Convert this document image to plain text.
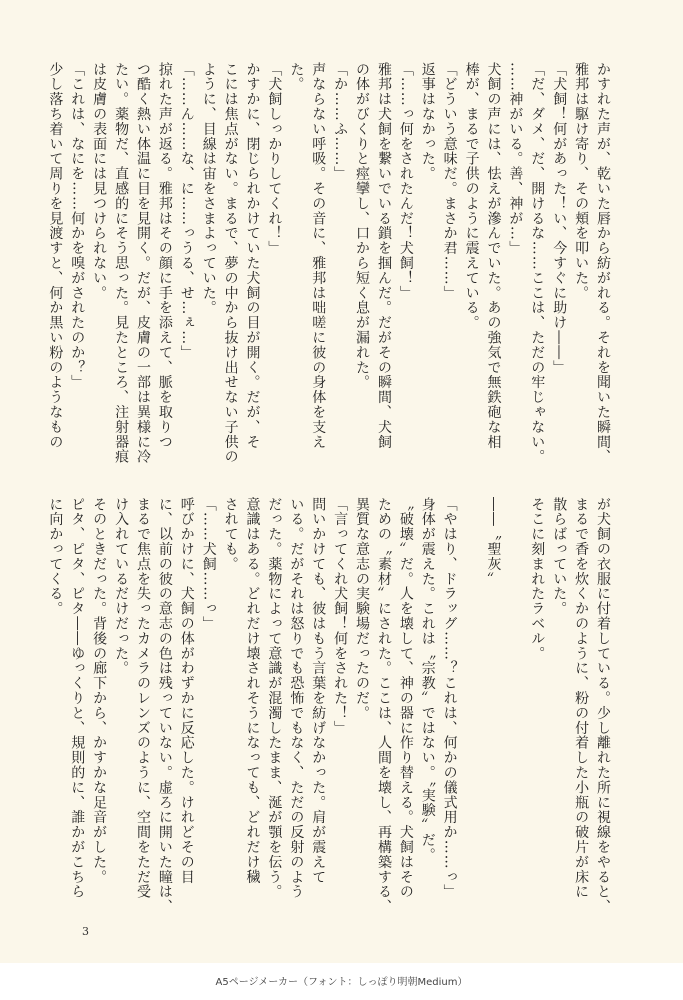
かすれた声が、乾いた唇から紡がれる。それを聞いた瞬間、
雅邦は駆け寄り、その頬を叩いた。
「犬飼！何があった！い、今すぐに助け――」
「だ、ダメ、だ、開けるな……ここは、ただの牢じゃない。
……神がいる。善、神が…」
犬飼の声には、怯えが滲んでいた。あの強気で無鉄砲な相
棒が、まるで子供のように震えている。
「どういう意味だ。まさか君……」
返事はなかった。
「……っ何をされたんだ！犬飼！」
雅邦は犬飼を繋いでいる鎖を掴んだ。だがその瞬間、犬飼
の体がびくりと痙攣し、口から短く息が漏れた。
「か……ふ……」
声ならない呼吸。その音に、雅邦は咄嗟に彼の身体を支え
た。
「犬飼しっかりしてくれ！」
かすかに、閉じられかけていた犬飼の目が開く。だが、そ
こには焦点がない。まるで、夢の中から抜け出せない子供の
ように、目線は宙をさまよっていた。
「……ん……な、に……っうる、せ…ぇ…」
掠れた声が返る。雅邦はその顔に手を添えて、脈を取りつ
つ酷く熱い体温に目を見開く。だが、皮膚の一部は異様に冷
たい。薬物だ、直感的にそう思った。見たところ、注射器痕
は皮膚の表面には見つけられない。
「これは、なにを……何かを嗅がされたのか？」
少し落ち着いて周りを見渡すと、何か黒い粉のようなもの
が犬飼の衣服に付着している。少し離れた所に視線をやると、
まるで香を炊くかのように、粉の付着した小瓶の破片が床に
散らばっていた。
そこに刻まれたラベル。

――〝聖灰〟

「やはり、ドラッグ……？これは、何かの儀式用か……っ」
身体が震えた。これは〝宗教〟ではない。〝実験〟だ。
〝破壊〟だ。人を壊して、神の器に作り替える。犬飼はその
ための〝素材〟にされた。ここは、人間を壊し、再構築する、
異質な意志の実験場だったのだ。
「言ってくれ犬飼！何をされた！」
問いかけても、彼はもう言葉を紡げなかった。肩が震えて
いる。だがそれは怒りでも恐怖でもなく、ただの反射のよう
だった。薬物によって意識が混濁したまま、涎が顎を伝う。
意識はある。どれだけ壊されそうになっても、どれだけ穢
されても。
「……犬飼……っ」
呼びかけに、犬飼の体がわずかに反応した。けれどその目
に、以前の彼の意志の色は残っていない。虚ろに開いた瞳は、
まるで焦点を失ったカメラのレンズのように、空間をただ受
け入れているだけだった。
そのときだった。背後の廊下から、かすかな足音がした。
ピタ、ピタ、ピタ――ゆっくりと、規則的に、誰かがこちら
に向かってくる。
3
A5ページメーカー（フォント：しっぽり明朝Medium）
